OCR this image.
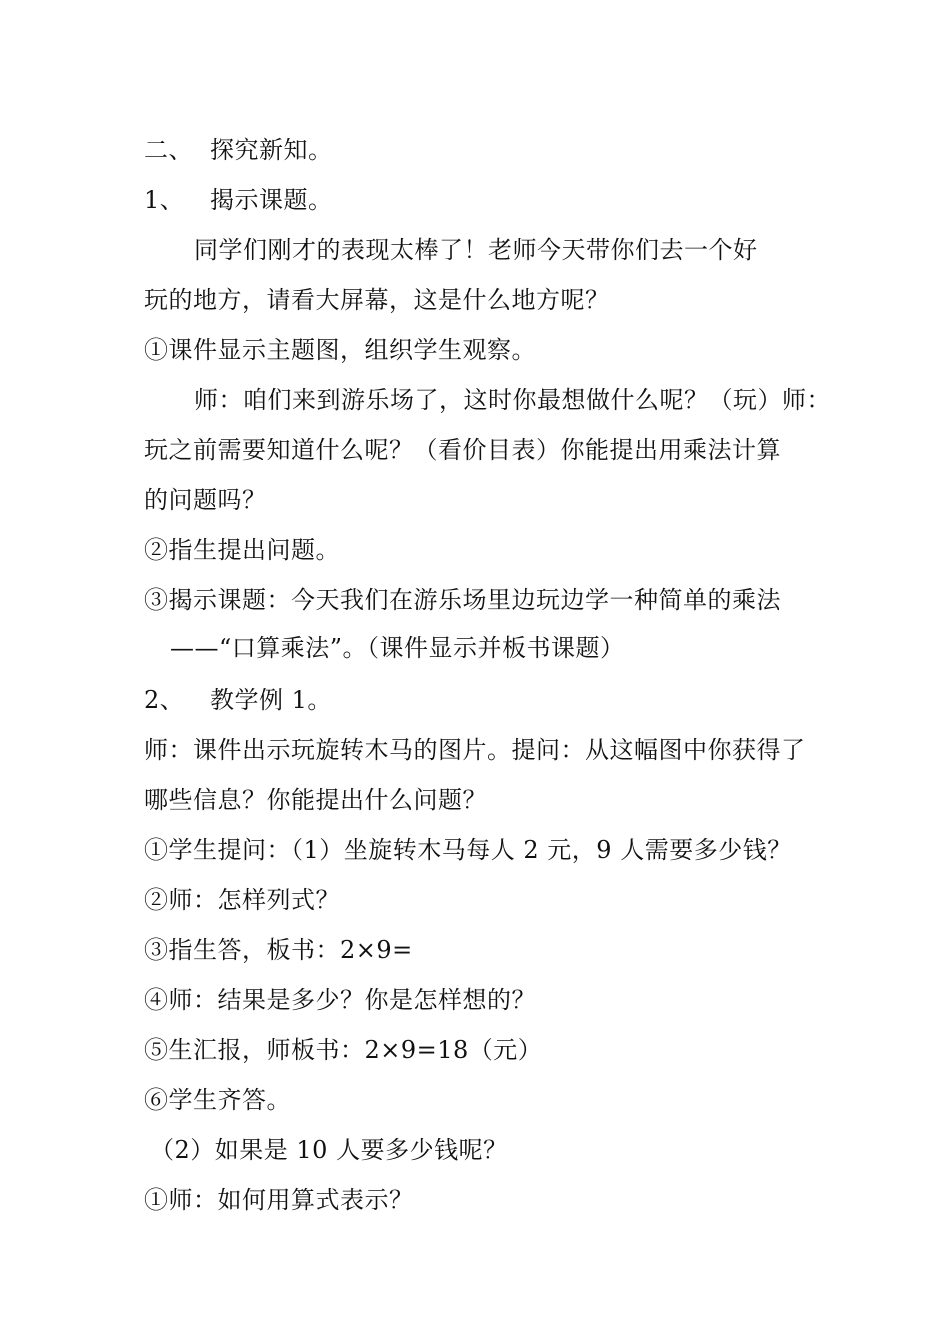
二、 探究新知。
1、 揭示课题。
同学们刚才的表现太棒了！老师今天带你们去一个好
玩的地方，请看大屏幕，这是什么地方呢？
①课件显示主题图，组织学生观察。
师：咱们来到游乐场了，这时你最想做什么呢？（玩）师：
玩之前需要知道什么呢？（看价目表）你能提出用乘法计算
的问题吗？
②指生提出问题。
③揭示课题：今天我们在游乐场里边玩边学一种简单的乘法
——“口算乘法”。（课件显示并板书课题）
2、 教学例 1。
师：课件出示玩旋转木马的图片。提问：从这幅图中你获得了
哪些信息？你能提出什么问题？
①学生提问：（1）坐旋转木马每人 2 元，9 人需要多少钱？
②师：怎样列式？
③指生答，板书：2×9=
④师：结果是多少？你是怎样想的？
⑤生汇报，师板书：2×9=18（元）
⑥学生齐答。
（2）如果是 10 人要多少钱呢？
①师：如何用算式表示？
